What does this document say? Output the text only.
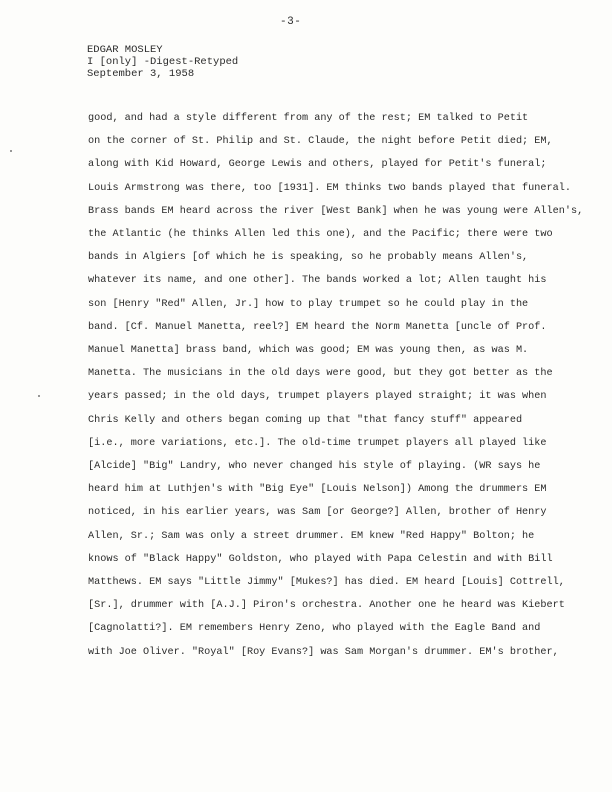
-3-
EDGAR MOSLEY
I [only] -Digest-Retyped
September 3, 1958
good, and had a style different from any of the rest; EM talked to Petit
on the corner of St. Philip and St. Claude, the night before Petit died; EM,
along with Kid Howard, George Lewis and others, played for Petit's funeral;
Louis Armstrong was there, too [1931]. EM thinks two bands played that funeral.
Brass bands EM heard across the river [West Bank] when he was young were Allen's,
the Atlantic (he thinks Allen led this one), and the Pacific; there were two
bands in Algiers [of which he is speaking, so he probably means Allen's,
whatever its name, and one other]. The bands worked a lot; Allen taught his
son [Henry "Red" Allen, Jr.] how to play trumpet so he could play in the
band. [Cf. Manuel Manetta, reel?] EM heard the Norm Manetta [uncle of Prof.
Manuel Manetta] brass band, which was good; EM was young then, as was M.
Manetta. The musicians in the old days were good, but they got better as the
years passed; in the old days, trumpet players played straight; it was when
Chris Kelly and others began coming up that "that fancy stuff" appeared
[i.e., more variations, etc.]. The old-time trumpet players all played like
[Alcide] "Big" Landry, who never changed his style of playing. (WR says he
heard him at Luthjen's with "Big Eye" [Louis Nelson]) Among the drummers EM
noticed, in his earlier years, was Sam [or George?] Allen, brother of Henry
Allen, Sr.; Sam was only a street drummer. EM knew "Red Happy" Bolton; he
knows of "Black Happy" Goldston, who played with Papa Celestin and with Bill
Matthews. EM says "Little Jimmy" [Mukes?] has died. EM heard [Louis] Cottrell,
[Sr.], drummer with [A.J.] Piron's orchestra. Another one he heard was Kiebert
[Cagnolatti?]. EM remembers Henry Zeno, who played with the Eagle Band and
with Joe Oliver. "Royal" [Roy Evans?] was Sam Morgan's drummer. EM's brother,
